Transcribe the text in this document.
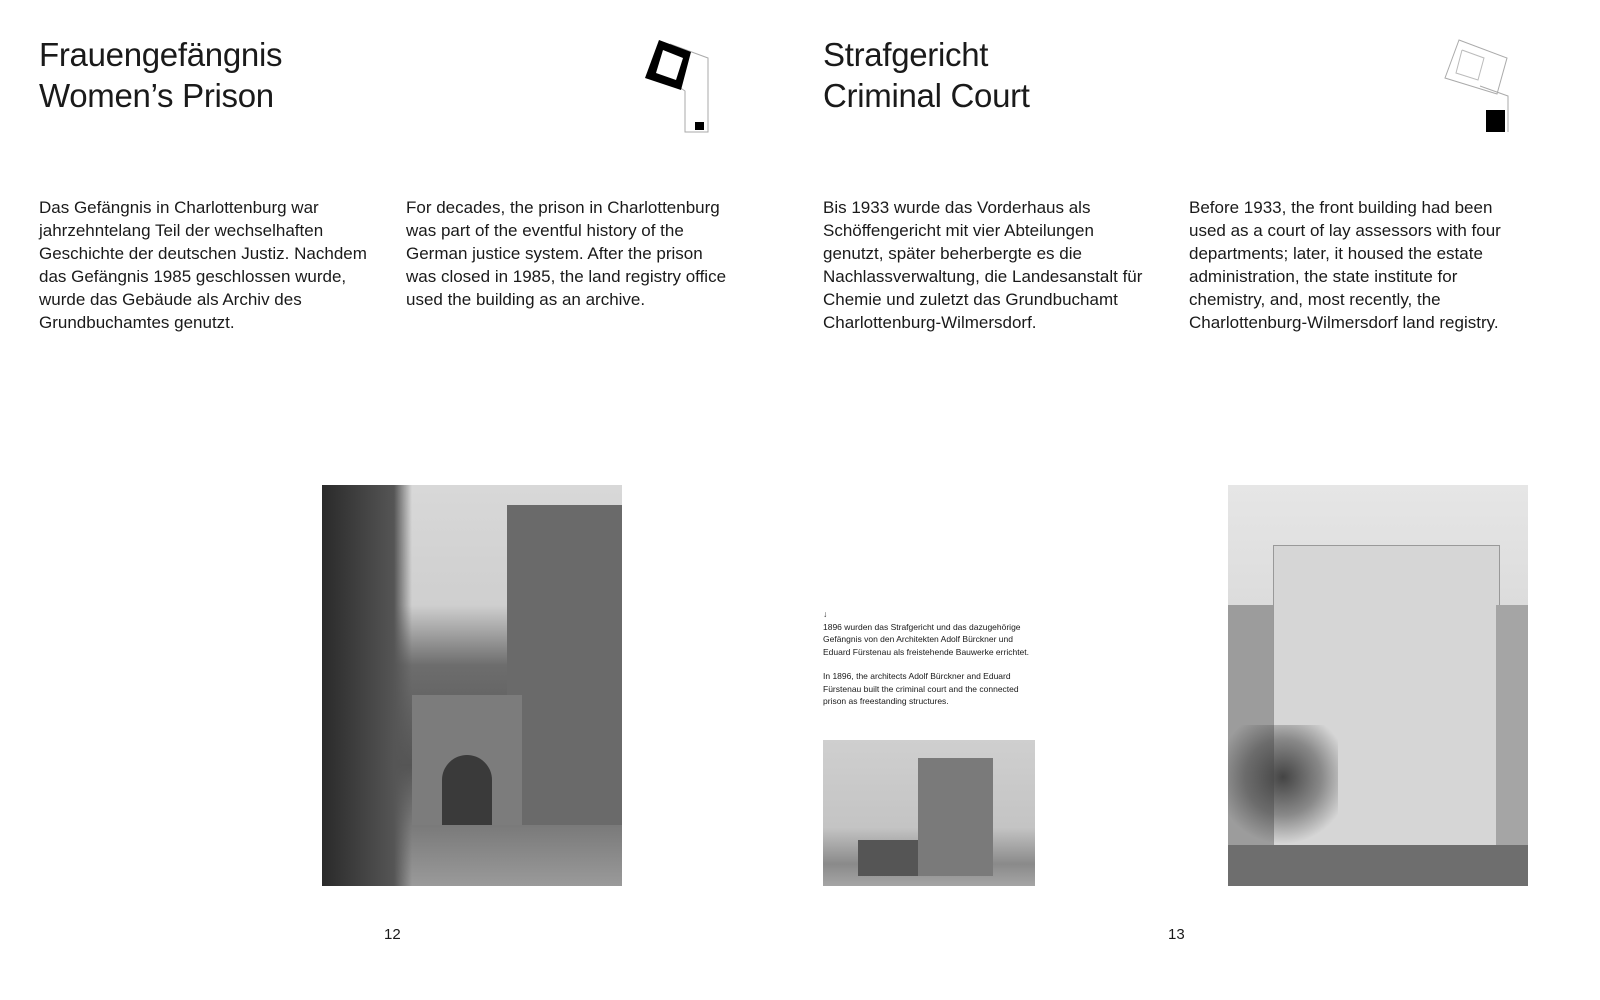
Frauengefängnis
Women’s Prison

Das Gefängnis in Charlottenburg war jahrzehntelang Teil der wechselhaften Geschichte der deutschen Justiz. Nachdem das Gefängnis 1985 geschlossen wurde, wurde das Gebäude als Archiv des Grundbuchamtes genutzt.

For decades, the prison in Charlottenburg was part of the eventful history of the German justice system. After the prison was closed in 1985, the land registry office used the building as an archive.

12
Strafgericht
Criminal Court

Bis 1933 wurde das Vorderhaus als Schöffengericht mit vier Abteilungen genutzt, später beherbergte es die Nachlassverwaltung, die Landesanstalt für Chemie und zuletzt das Grundbuchamt Charlottenburg-Wilmersdorf.

Before 1933, the front building had been used as a court of lay assessors with four departments; later, it housed the estate administration, the state institute for chemistry, and, most recently, the Charlottenburg-Wilmersdorf land registry.

↓

1896 wurden das Strafgericht und das dazugehörige Gefängnis von den Architekten Adolf Bürckner und Eduard Fürstenau als freistehende Bauwerke errichtet.

In 1896, the architects Adolf Bürckner and Eduard Fürstenau built the criminal court and the connected prison as freestanding structures.

13
